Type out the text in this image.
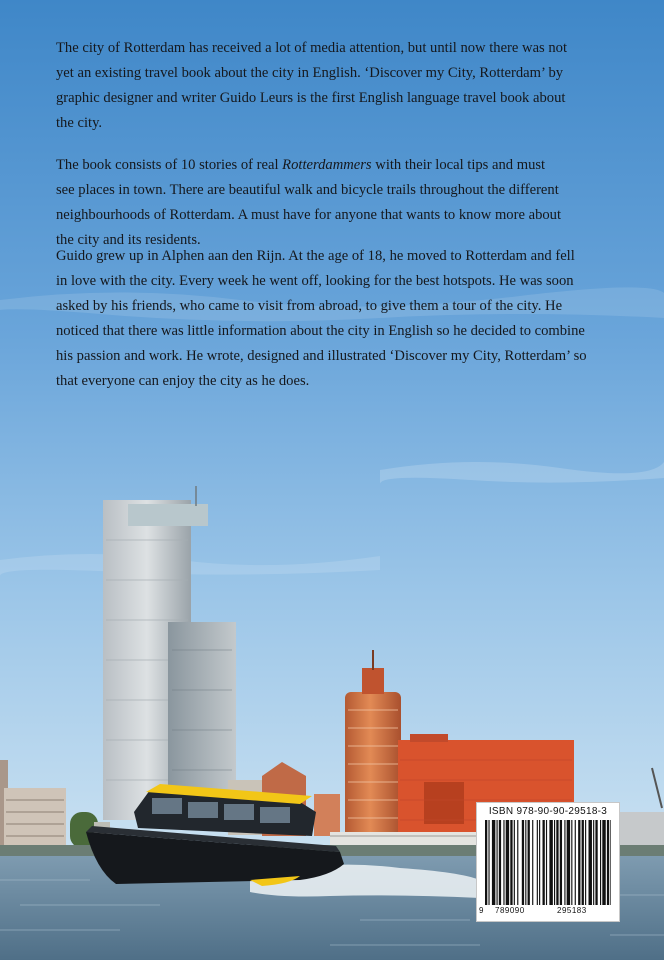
The city of Rotterdam has received a lot of media attention, but until now there was not
yet an existing travel book about the city in English. ‘Discover my City, Rotterdam’ by
graphic designer and writer Guido Leurs is the first English language travel book about
the city.
The book consists of 10 stories of real Rotterdammers with their local tips and must
see places in town. There are beautiful walk and bicycle trails throughout the different
neighbourhoods of Rotterdam. A must have for anyone that wants to know more about
the city and its residents.
Guido grew up in Alphen aan den Rijn. At the age of 18, he moved to Rotterdam and fell
in love with the city. Every week he went off, looking for the best hotspots. He was soon
asked by his friends, who came to visit from abroad, to give them a tour of the city. He
noticed that there was little information about the city in English so he decided to combine
his passion and work. He wrote, designed and illustrated ‘Discover my City, Rotterdam’ so
that everyone can enjoy the city as he does.
ISBN 978-90-90-29518-3
9 789090	295183
